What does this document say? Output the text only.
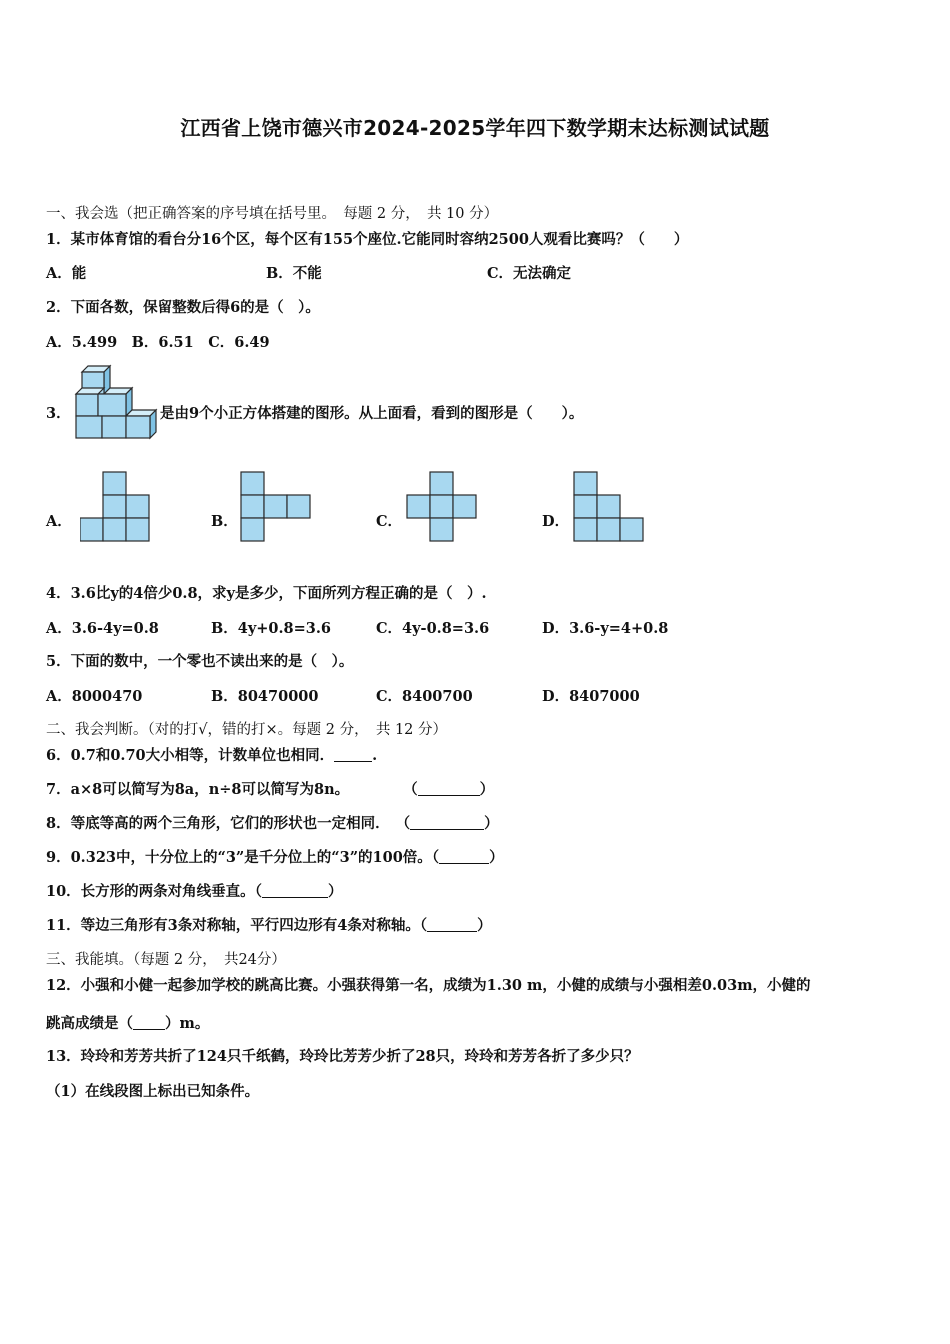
江西省上饶市德兴市2024-2025学年四下数学期末达标测试试题
一、我会选（把正确答案的序号填在括号里。　每题 2 分，　共 10 分）
1．某市体育馆的看台分16个区，每个区有155个座位.它能同时容纳2500人观看比赛吗？（　　）
A．能	B．不能	C．无法确定
2．下面各数，保留整数后得6的是（　）。
A．5.499　B．6.51　C．6.49
3．	是由9个小正方体搭建的图形。从上面看，看到的图形是（　　）。
A．	B．	C．	D．
4．3.6比y的4倍少0.8，求y是多少，下面所列方程正确的是（　）.
A．3.6-4y=0.8	B．4y+0.8=3.6	C．4y-0.8=3.6	D．3.6-y=4+0.8
5．下面的数中，一个零也不读出来的是（　）。
A．8000470	B．80470000	C．8400700	D．8407000
二、我会判断。（对的打√，错的打×。每题 2 分，　共 12 分）
6．0.7和0.70大小相等，计数单位也相同．	.
7．a×8可以简写为8a，n÷8可以简写为8n。	（	）
8．等底等高的两个三角形，它们的形状也一定相同． （	）
9．0.323中，十分位上的“3”是千分位上的“3”的100倍。（	）
10．长方形的两条对角线垂直。（	）
11．等边三角形有3条对称轴，平行四边形有4条对称轴。（	）
三、我能填。（每题 2 分，　共24分）
12．小强和小健一起参加学校的跳高比赛。小强获得第一名，成绩为1.30 m，小健的成绩与小强相差0.03m，小健的
跳高成绩是（ ）m。
13．玲玲和芳芳共折了124只千纸鹤，玲玲比芳芳少折了28只，玲玲和芳芳各折了多少只？
（1）在线段图上标出已知条件。
